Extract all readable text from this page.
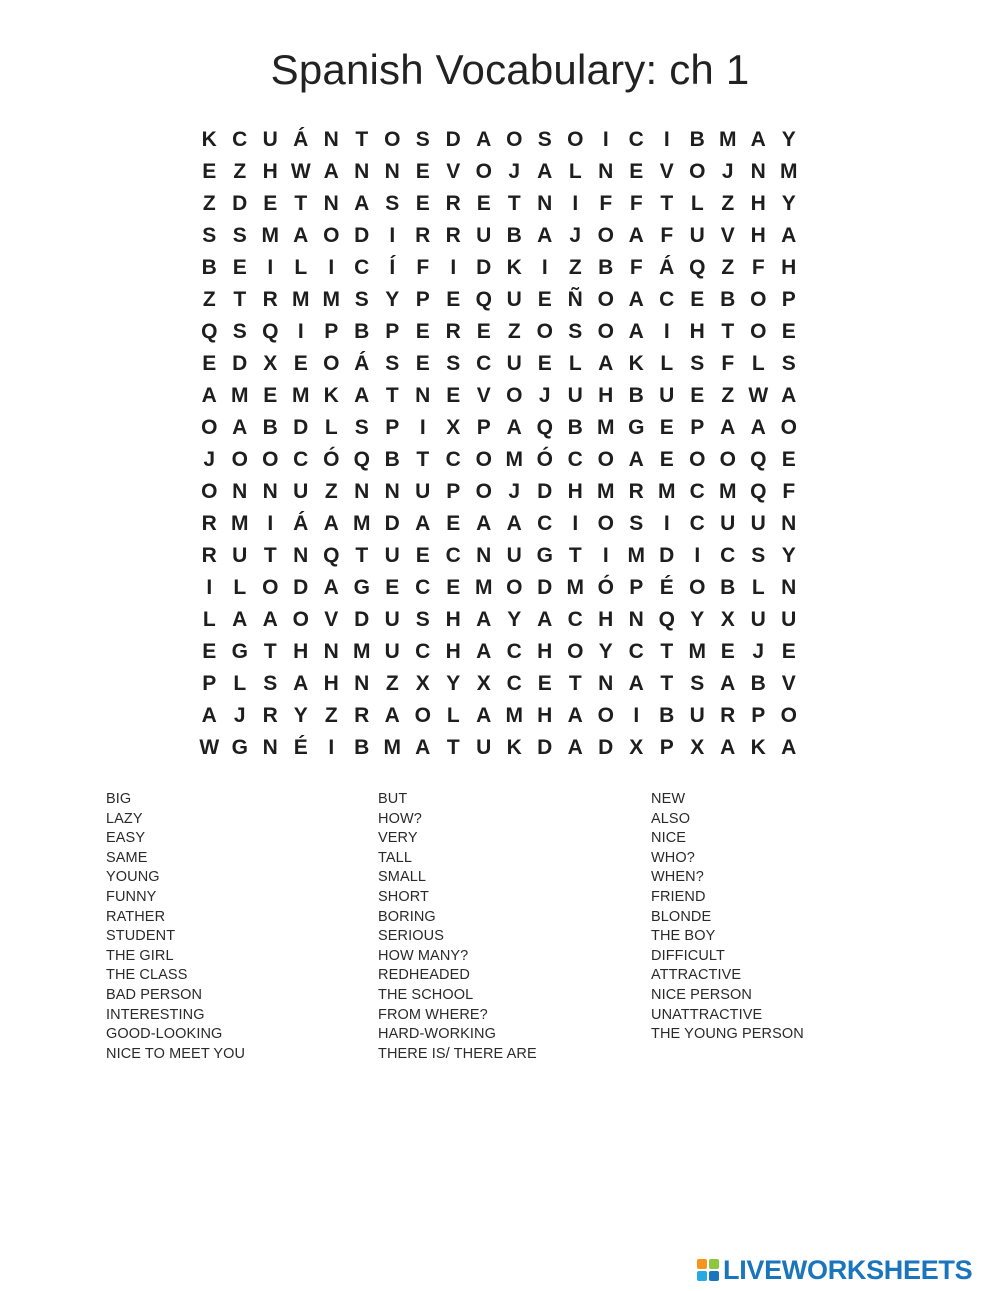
Spanish Vocabulary: ch 1
K C U Á N T O S D A O S O I C I B M A Y
E Z H W A N N E V O J A L N E V O J N M
Z D E T N A S E R E T N I	F F T L Z H Y
S S M A O D I R R U B A J O A F U V H A
B E I	L	I C Í	F	I D K I	Z B F Á Q Z F H
Z T R M M S Y P E Q U E Ñ O A C E B O P
Q S Q I P B P E R E Z O S O A I H T O E
E D X E O Á S E S C U E L A K L S F L S
A M E M K A T N E V O J U H B U E Z W A
O A B D L S P I X P A Q B M G E P A A O
J O O C Ó Q B T C O M Ó C O A E O O Q E
O N N U Z N N U P O J D H M R M C M Q F
R M I Á A M D A E A A C I O S I C U U N
R U T N Q T U E C N U G T	I M D I C S Y
I	L O D A G E C E M O D M Ó P É O B L N
L A A O V D U S H A Y A C H N Q Y X U U
E G T H N M U C H A C H O Y C T M E J E
P L S A H N Z X Y X C E T N A T S A B V
A J R Y Z R A O L A M H A O I B U R P O
W G N É I B M A T U K D A D X P X A K A
BIG
LAZY
EASY
SAME
YOUNG
FUNNY
RATHER
STUDENT
THE GIRL
THE CLASS
BAD PERSON
INTERESTING
GOOD-LOOKING
NICE TO MEET YOU
BUT
HOW?
VERY
TALL
SMALL
SHORT
BORING
SERIOUS
HOW MANY?
REDHEADED
THE SCHOOL
FROM WHERE?
HARD-WORKING
THERE IS/ THERE ARE
NEW
ALSO
NICE
WHO?
WHEN?
FRIEND
BLONDE
THE BOY
DIFFICULT
ATTRACTIVE
NICE PERSON
UNATTRACTIVE
THE YOUNG PERSON
LIVEWORKSHEETS
